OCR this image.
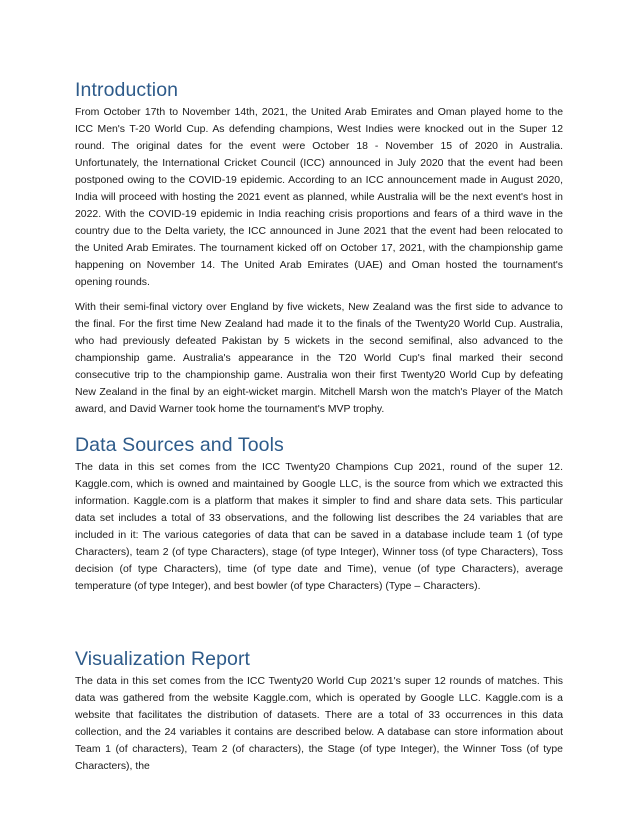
Introduction

From October 17th to November 14th, 2021, the United Arab Emirates and Oman played home to the ICC Men's T-20 World Cup. As defending champions, West Indies were knocked out in the Super 12 round. The original dates for the event were October 18 - November 15 of 2020 in Australia. Unfortunately, the International Cricket Council (ICC) announced in July 2020 that the event had been postponed owing to the COVID-19 epidemic. According to an ICC announcement made in August 2020, India will proceed with hosting the 2021 event as planned, while Australia will be the next event's host in 2022. With the COVID-19 epidemic in India reaching crisis proportions and fears of a third wave in the country due to the Delta variety, the ICC announced in June 2021 that the event had been relocated to the United Arab Emirates. The tournament kicked off on October 17, 2021, with the championship game happening on November 14. The United Arab Emirates (UAE) and Oman hosted the tournament's opening rounds.

With their semi-final victory over England by five wickets, New Zealand was the first side to advance to the final. For the first time New Zealand had made it to the finals of the Twenty20 World Cup. Australia, who had previously defeated Pakistan by 5 wickets in the second semifinal, also advanced to the championship game. Australia's appearance in the T20 World Cup's final marked their second consecutive trip to the championship game. Australia won their first Twenty20 World Cup by defeating New Zealand in the final by an eight-wicket margin. Mitchell Marsh won the match's Player of the Match award, and David Warner took home the tournament's MVP trophy.

Data Sources and Tools

The data in this set comes from the ICC Twenty20 Champions Cup 2021, round of the super 12. Kaggle.com, which is owned and maintained by Google LLC, is the source from which we extracted this information. Kaggle.com is a platform that makes it simpler to find and share data sets. This particular data set includes a total of 33 observations, and the following list describes the 24 variables that are included in it: The various categories of data that can be saved in a database include team 1 (of type Characters), team 2 (of type Characters), stage (of type Integer), Winner toss (of type Characters), Toss decision (of type Characters), time (of type date and Time), venue (of type Characters), average temperature (of type Integer), and best bowler (of type Characters) (Type – Characters).

Visualization Report

The data in this set comes from the ICC Twenty20 World Cup 2021's super 12 rounds of matches. This data was gathered from the website Kaggle.com, which is operated by Google LLC. Kaggle.com is a website that facilitates the distribution of datasets. There are a total of 33 occurrences in this data collection, and the 24 variables it contains are described below. A database can store information about Team 1 (of characters), Team 2 (of characters), the Stage (of type Integer), the Winner Toss (of type Characters), the
